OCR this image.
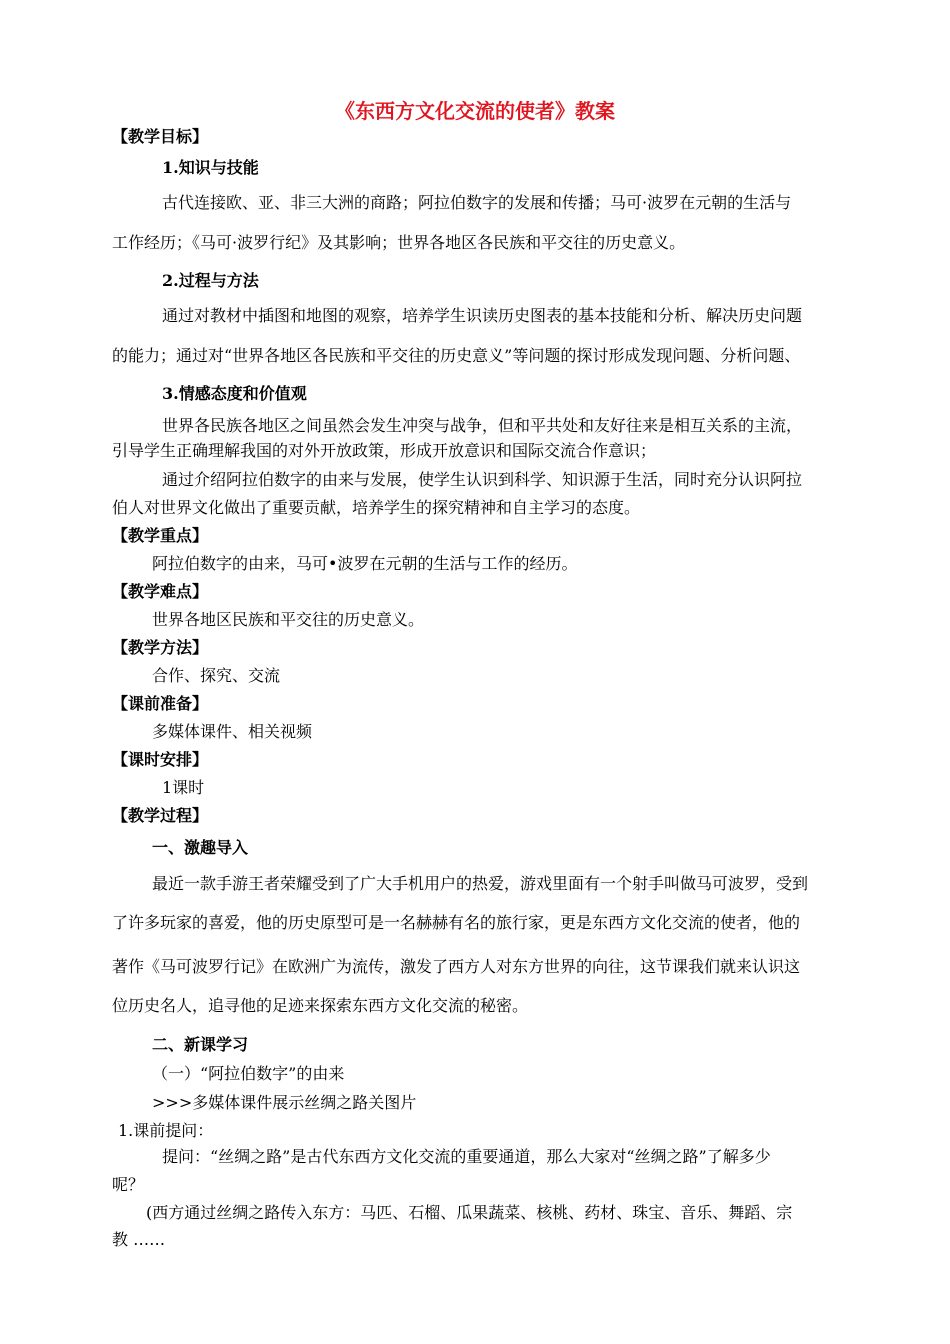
《东西方文化交流的使者》教案
【教学目标】
1.知识与技能
古代连接欧、亚、非三大洲的商路；阿拉伯数字的发展和传播；马可·波罗在元朝的生活与
工作经历；《马可·波罗行纪》及其影响；世界各地区各民族和平交往的历史意义。
2.过程与方法
通过对教材中插图和地图的观察，培养学生识读历史图表的基本技能和分析、解决历史问题
的能力；通过对“世界各地区各民族和平交往的历史意义”等问题的探讨形成发现问题、分析问题、
3.情感态度和价值观
世界各民族各地区之间虽然会发生冲突与战争，但和平共处和友好往来是相互关系的主流，
引导学生正确理解我国的对外开放政策，形成开放意识和国际交流合作意识；
通过介绍阿拉伯数字的由来与发展，使学生认识到科学、知识源于生活，同时充分认识阿拉
伯人对世界文化做出了重要贡献，培养学生的探究精神和自主学习的态度。
【教学重点】
阿拉伯数字的由来，马可•波罗在元朝的生活与工作的经历。
【教学难点】
世界各地区民族和平交往的历史意义。
【教学方法】
合作、探究、交流
【课前准备】
多媒体课件、相关视频
【课时安排】
1课时
【教学过程】
一、激趣导入
最近一款手游王者荣耀受到了广大手机用户的热爱，游戏里面有一个射手叫做马可波罗，受到
了许多玩家的喜爱，他的历史原型可是一名赫赫有名的旅行家，更是东西方文化交流的使者，他的
著作《马可波罗行记》在欧洲广为流传，激发了西方人对东方世界的向往，这节课我们就来认识这
位历史名人，追寻他的足迹来探索东西方文化交流的秘密。
二、新课学习
（一）“阿拉伯数字”的由来
>>>多媒体课件展示丝绸之路关图片
1.课前提问：
提问：“丝绸之路”是古代东西方文化交流的重要通道，那么大家对“丝绸之路”了解多少
呢？
(西方通过丝绸之路传入东方：马匹、石榴、瓜果蔬菜、核桃、药材、珠宝、音乐、舞蹈、宗
教 ……
